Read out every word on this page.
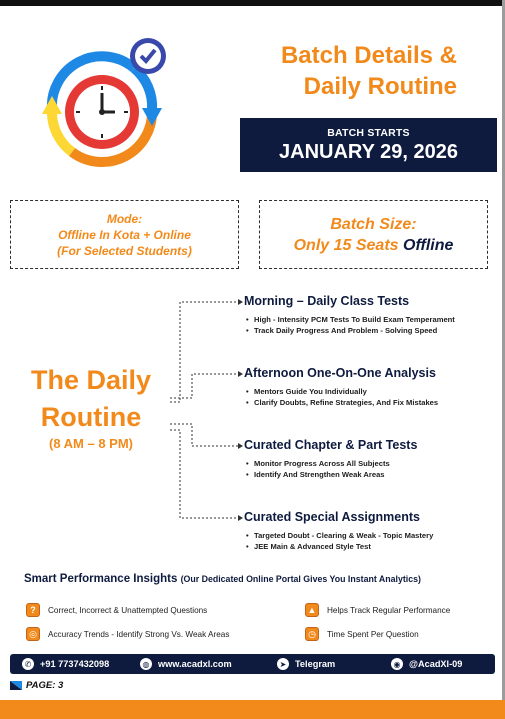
Batch Details &
Daily Routine
BATCH STARTS
JANUARY 29, 2026
Mode:
Offline In Kota + Online
(For Selected Students)
Batch Size:
Only 15 Seats Offline
The Daily
Routine
(8 AM – 8 PM)
Morning – Daily Class Tests
• High - Intensity PCM Tests To Build Exam Temperament
• Track Daily Progress And Problem - Solving Speed
Afternoon One-On-One Analysis
• Mentors Guide You Individually
• Clarify Doubts, Refine Strategies, And Fix Mistakes
Curated Chapter & Part Tests
• Monitor Progress Across All Subjects
• Identify And Strengthen Weak Areas
Curated Special Assignments
• Targeted Doubt - Clearing & Weak - Topic Mastery
• JEE Main & Advanced Style Test
Smart Performance Insights (Our Dedicated Online Portal Gives You Instant Analytics)
?	Correct, Incorrect & Unattempted Questions	▲	Helps Track Regular Performance
◎	Accuracy Trends - Identify Strong Vs. Weak Areas	◷	Time Spent Per Question
✆ +91 7737432098	◍ www.acadxl.com	➤ Telegram	◉ @AcadXl-09
PAGE: 3
